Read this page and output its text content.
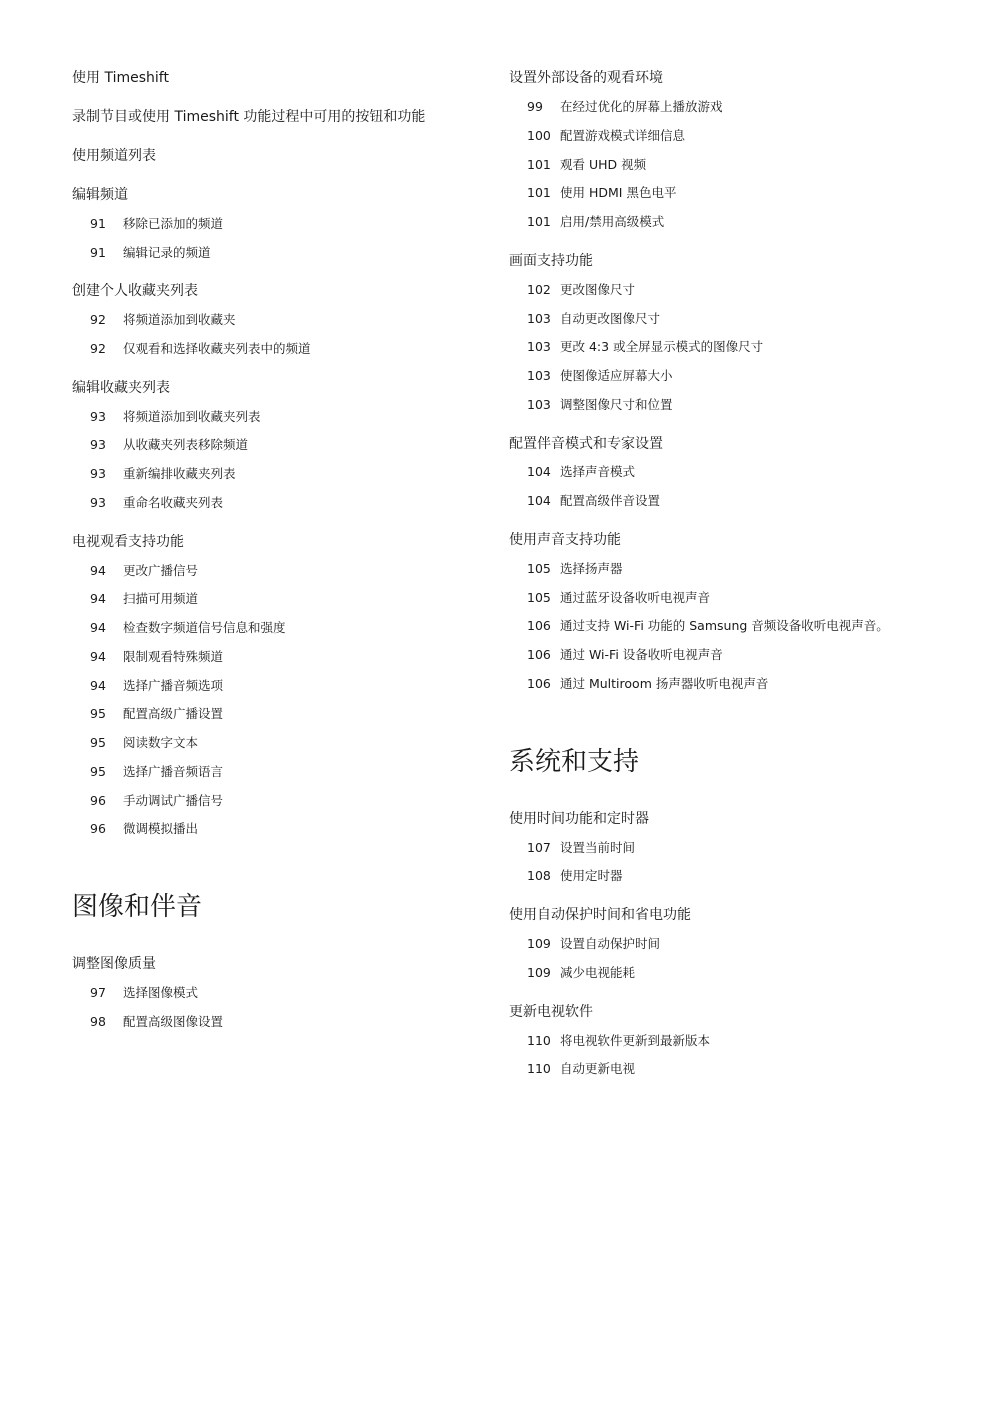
使用 Timeshift
录制节目或使用 Timeshift 功能过程中可用的按钮和功能
使用频道列表
编辑频道
91	移除已添加的频道
91	编辑记录的频道
创建个人收藏夹列表
92	将频道添加到收藏夹
92	仅观看和选择收藏夹列表中的频道
编辑收藏夹列表
93	将频道添加到收藏夹列表
93	从收藏夹列表移除频道
93	重新编排收藏夹列表
93	重命名收藏夹列表
电视观看支持功能
94	更改广播信号
94	扫描可用频道
94	检查数字频道信号信息和强度
94	限制观看特殊频道
94	选择广播音频选项
95	配置高级广播设置
95	阅读数字文本
95	选择广播音频语言
96	手动调试广播信号
96	微调模拟播出
图像和伴音
调整图像质量
97	选择图像模式
98	配置高级图像设置
设置外部设备的观看环境
99	在经过优化的屏幕上播放游戏
100 配置游戏模式详细信息
101 观看 UHD 视频
101 使用 HDMI 黑色电平
101 启用/禁用高级模式
画面支持功能
102 更改图像尺寸
103 自动更改图像尺寸
103 更改 4:3 或全屏显示模式的图像尺寸
103 使图像适应屏幕大小
103 调整图像尺寸和位置
配置伴音模式和专家设置
104 选择声音模式
104 配置高级伴音设置
使用声音支持功能
105 选择扬声器
105 通过蓝牙设备收听电视声音
106 通过支持 Wi-Fi 功能的 Samsung 音频设备收听电视声音。
106 通过 Wi-Fi 设备收听电视声音
106 通过 Multiroom 扬声器收听电视声音
系统和支持
使用时间功能和定时器
107 设置当前时间
108 使用定时器
使用自动保护时间和省电功能
109 设置自动保护时间
109 减少电视能耗
更新电视软件
110 将电视软件更新到最新版本
110 自动更新电视
